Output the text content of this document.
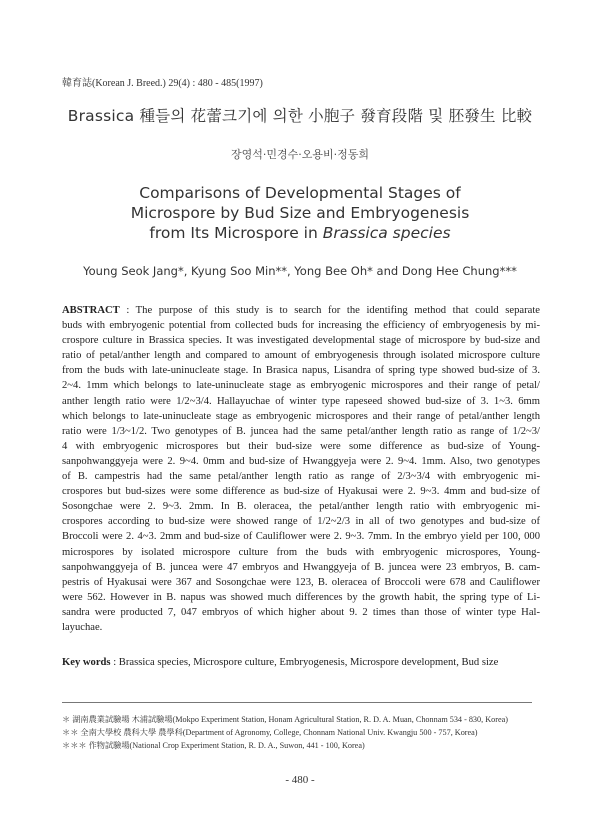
韓育誌(Korean J. Breed.) 29(4) : 480 - 485(1997)
Brassica 種들의 花蕾크기에 의한 小胞子 發育段階 및 胚發生 比較
장영석·민경수·오용비·정동희
Comparisons of Developmental Stages of
Microspore by Bud Size and Embryogenesis
from Its Microspore in Brassica species
Young Seok Jang*, Kyung Soo Min**, Yong Bee Oh* and Dong Hee Chung***
ABSTRACT : The purpose of this study is to search for the identifing method that could separate
buds with embryogenic potential from collected buds for increasing the efficiency of embryogenesis by mi-
crospore culture in Brassica species. It was investigated developmental stage of microspore by bud-size and
ratio of petal/anther length and compared to amount of embryogenesis through isolated microspore culture
from the buds with late-uninucleate stage. In Brasica napus, Lisandra of spring type showed bud-size of 3.
2~4. 1mm which belongs to late-uninucleate stage as embryogenic microspores and their range of petal/
anther length ratio were 1/2~3/4. Hallayuchae of winter type rapeseed showed bud-size of 3. 1~3. 6mm
which belongs to late-uninucleate stage as embryogenic microspores and their range of petal/anther length
ratio were 1/3~1/2. Two genotypes of B. juncea had the same petal/anther length ratio as range of 1/2~3/
4 with embryogenic microspores but their bud-size were some difference as bud-size of Young-
sanpohwanggyeja were 2. 9~4. 0mm and bud-size of Hwanggyeja were 2. 9~4. 1mm. Also, two genotypes
of B. campestris had the same petal/anther length ratio as range of 2/3~3/4 with embryogenic mi-
crospores but bud-sizes were some difference as bud-size of Hyakusai were 2. 9~3. 4mm and bud-size of
Sosongchae were 2. 9~3. 2mm. In B. oleracea, the petal/anther length ratio with embryogenic mi-
crospores according to bud-size were showed range of 1/2~2/3 in all of two genotypes and bud-size of
Broccoli were 2. 4~3. 2mm and bud-size of Cauliflower were 2. 9~3. 7mm. In the embryo yield per 100, 000
microspores by isolated microspore culture from the buds with embryogenic microspores, Young-
sanpohwanggyeja of B. juncea were 47 embryos and Hwanggyeja of B. juncea were 23 embryos, B. cam-
pestris of Hyakusai were 367 and Sosongchae were 123, B. oleracea of Broccoli were 678 and Cauliflower
were 562. However in B. napus was showed much differences by the growth habit, the spring type of Li-
sandra were producted 7, 047 embryos of which higher about 9. 2 times than those of winter type Hal-
layuchae.
Key words : Brassica species, Microspore culture, Embryogenesis, Microspore development, Bud size
＊ 湖南農業試驗場 木浦試驗場(Mokpo Experiment Station, Honam Agricultural Station, R. D. A. Muan, Chonnam 534 - 830, Korea)
＊＊ 全南大學校 農科大學 農學科(Department of Agronomy, College, Chonnam National Univ. Kwangju 500 - 757, Korea)
＊＊＊ 作物試驗場(National Crop Experiment Station, R. D. A., Suwon, 441 - 100, Korea)
- 480 -
